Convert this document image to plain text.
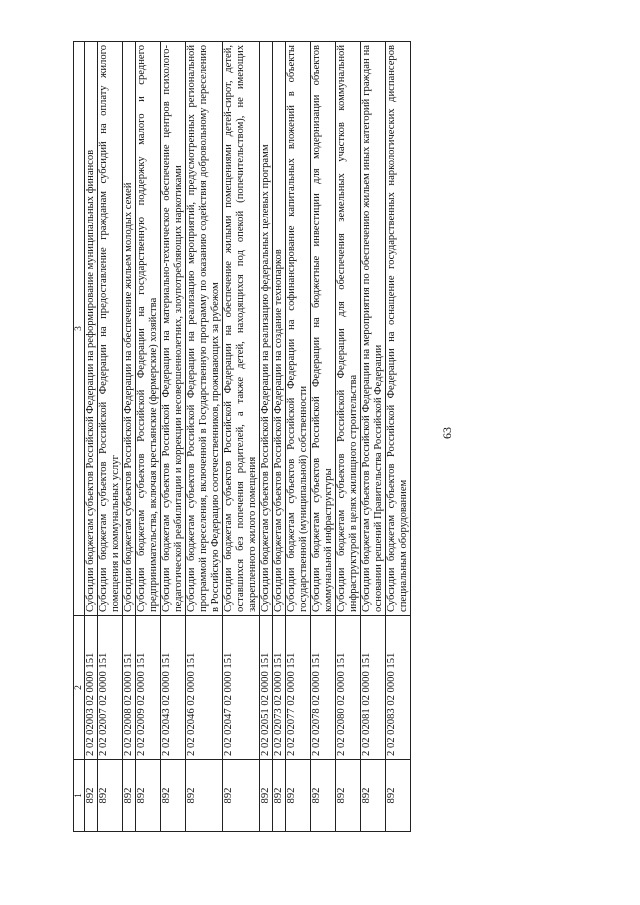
63
1	2	3
892	2 02 02003 02 0000 151	Субсидии бюджетам субъектов Российской Федерации на реформирование муниципальных финансов
892	2 02 02007 02 0000 151	Субсидии бюджетам субъектов Российской Федерации на предоставление гражданам субсидий на оплату жилого помещения и коммунальных услуг
892	2 02 02008 02 0000 151	Субсидии бюджетам субъектов Российской Федерации на обеспечение жильем молодых семей
892	2 02 02009 02 0000 151	Субсидии бюджетам субъектов Российской Федерации на государственную поддержку малого и среднего предпринимательства, включая крестьянские (фермерские) хозяйства
892	2 02 02043 02 0000 151	Субсидии бюджетам субъектов Российской Федерации на материально-техническое обеспечение центров психолого-педагогической реабилитации и коррекции несовершеннолетних, злоупотребляющих наркотиками
892	2 02 02046 02 0000 151	Субсидии бюджетам субъектов Российской Федерации на реализацию мероприятий, предусмотренных региональной программой переселения, включенной в Государственную программу по оказанию содействия добровольному переселению в Российскую Федерацию соотечественников, проживающих за рубежом
892	2 02 02047 02 0000 151	Субсидии бюджетам субъектов Российской Федерации на обеспечение жилыми помещениями детей-сирот, детей, оставшихся без попечения родителей, а также детей, находящихся под опекой (попечительством), не имеющих закрепленного жилого помещения
892	2 02 02051 02 0000 151	Субсидии бюджетам субъектов Российской Федерации на реализацию федеральных целевых программ
892	2 02 02073 02 0000 151	Субсидии бюджетам субъектов Российской Федерации на создание технопарков
892	2 02 02077 02 0000 151	Субсидии бюджетам субъектов Российской Федерации на софинансирование капитальных вложений в объекты государственной (муниципальной) собственности
892	2 02 02078 02 0000 151	Субсидии бюджетам субъектов Российской Федерации на бюджетные инвестиции для модернизации объектов коммунальной инфраструктуры
892	2 02 02080 02 0000 151	Субсидии бюджетам субъектов Российской Федерации для обеспечения земельных участков коммунальной инфраструктурой в целях жилищного строительства
892	2 02 02081 02 0000 151	Субсидии бюджетам субъектов Российской Федерации на мероприятия по обеспечению жильем иных категорий граждан на основании решений Правительства Российской Федерации
892	2 02 02083 02 0000 151	Субсидии бюджетам субъектов Российской Федерации на оснащение государственных наркологических диспансеров специальным оборудованием
